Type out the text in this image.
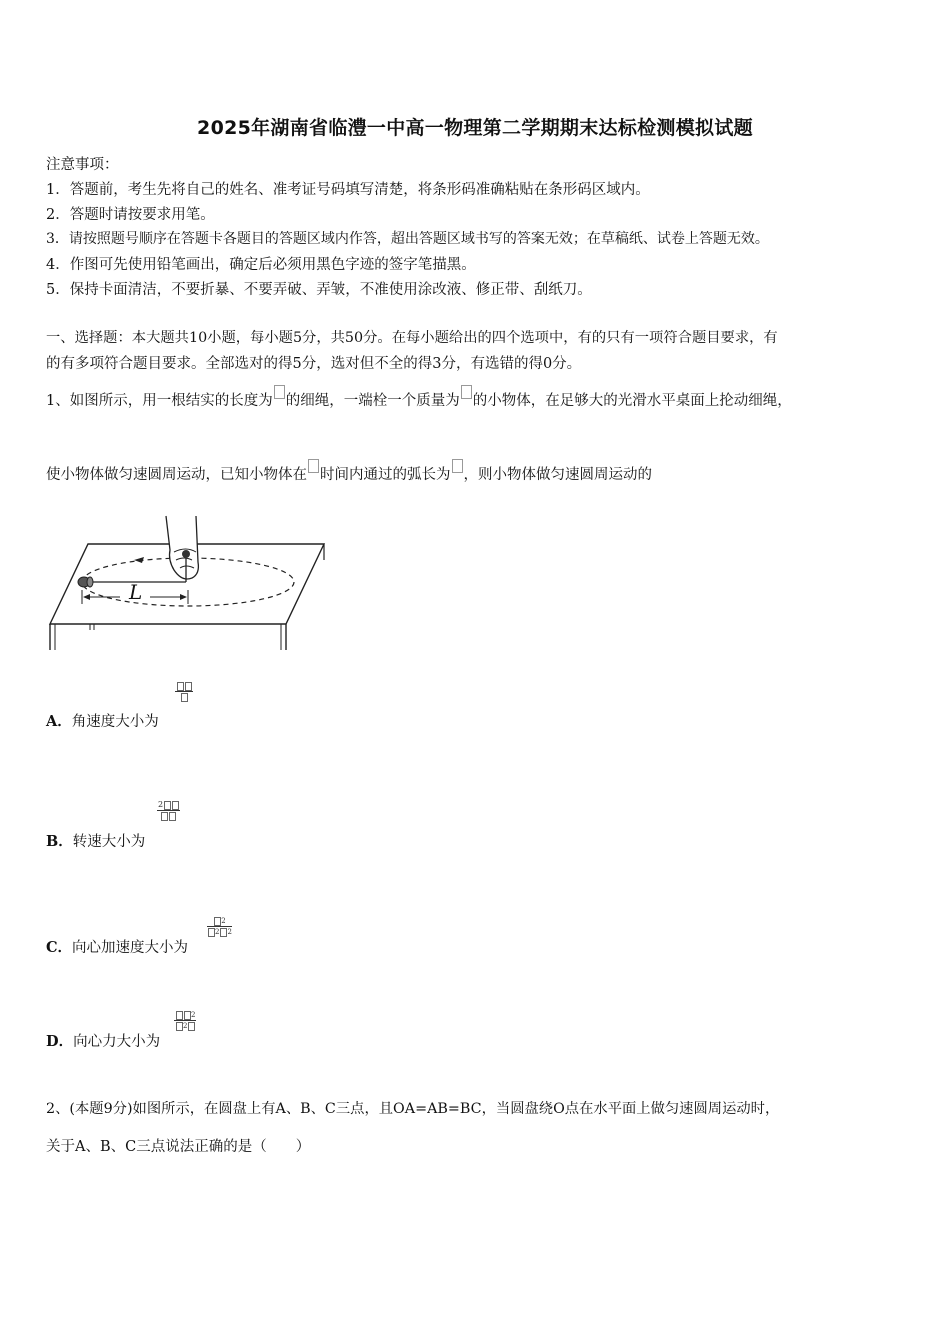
2025年湖南省临澧一中高一物理第二学期期末达标检测模拟试题
注意事项：
1．答题前，考生先将自己的姓名、准考证号码填写清楚，将条形码准确粘贴在条形码区域内。
2．答题时请按要求用笔。
3．请按照题号顺序在答题卡各题目的答题区域内作答，超出答题区域书写的答案无效；在草稿纸、试卷上答题无效。
4．作图可先使用铅笔画出，确定后必须用黑色字迹的签字笔描黑。
5．保持卡面清洁，不要折暴、不要弄破、弄皱，不准使用涂改液、修正带、刮纸刀。
一、选择题：本大题共10小题，每小题5分，共50分。在每小题给出的四个选项中，有的只有一项符合题目要求，有
的有多项符合题目要求。全部选对的得5分，选对但不全的得3分，有选错的得0分。
1、如图所示，用一根结实的长度为 的细绳，一端栓一个质量为 的小物体，在足够大的光滑水平桌面上抡动细绳，
使小物体做匀速圆周运动，已知小物体在 时间内通过的弧长为 ，则小物体做匀速圆周运动的
L
A．角速度大小为
2
B．转速大小为
$\frac{2}{2 2}$
C．向心加速度大小为
$\frac{2}{2}$
D．向心力大小为
2、(本题9分)如图所示，在圆盘上有A、B、C三点，且OA=AB=BC，当圆盘绕O点在水平面上做匀速圆周运动时，
关于A、B、C三点说法正确的是（　　）
